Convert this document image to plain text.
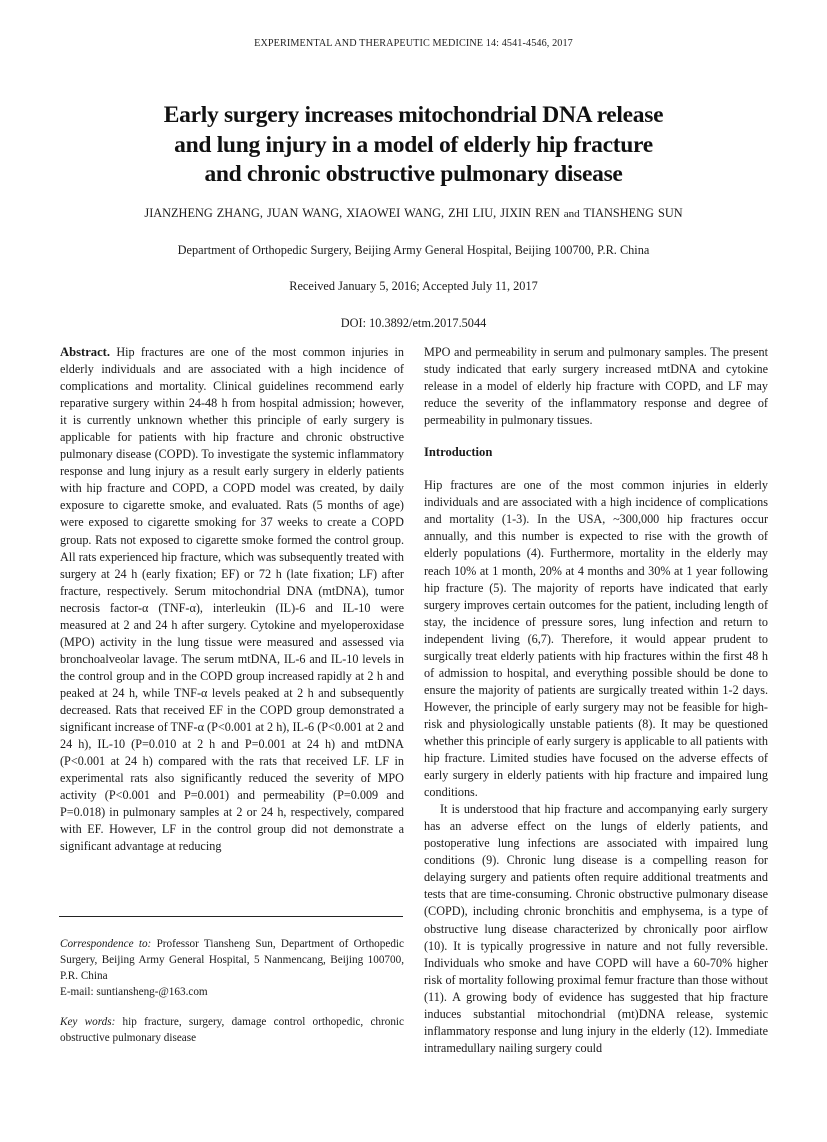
EXPERIMENTAL AND THERAPEUTIC MEDICINE 14: 4541-4546, 2017
Early surgery increases mitochondrial DNA release
and lung injury in a model of elderly hip fracture
and chronic obstructive pulmonary disease
JIANZHENG ZHANG, JUAN WANG, XIAOWEI WANG, ZHI LIU, JIXIN REN and TIANSHENG SUN
Department of Orthopedic Surgery, Beijing Army General Hospital, Beijing 100700, P.R. China
Received January 5, 2016; Accepted July 11, 2017
DOI: 10.3892/etm.2017.5044

Abstract. Hip fractures are one of the most common injuries in elderly individuals and are associated with a high incidence of complications and mortality. Clinical guidelines recommend early reparative surgery within 24-48 h from hospital admission; however, it is currently unknown whether this principle of early surgery is applicable for patients with hip fracture and chronic obstructive pulmonary disease (COPD). To investigate the systemic inflammatory response and lung injury as a result early surgery in elderly patients with hip fracture and COPD, a COPD model was created, by daily exposure to cigarette smoke, and evaluated. Rats (5 months of age) were exposed to cigarette smoking for 37 weeks to create a COPD group. Rats not exposed to cigarette smoke formed the control group. All rats experienced hip fracture, which was subsequently treated with surgery at 24 h (early fixation; EF) or 72 h (late fixation; LF) after fracture, respectively. Serum mitochondrial DNA (mtDNA), tumor necrosis factor-α (TNF-α), interleukin (IL)-6 and IL-10 were measured at 2 and 24 h after surgery. Cytokine and myeloperoxidase (MPO) activity in the lung tissue were measured and assessed via bronchoalveolar lavage. The serum mtDNA, IL-6 and IL-10 levels in the control group and in the COPD group increased rapidly at 2 h and peaked at 24 h, while TNF-α levels peaked at 2 h and subsequently decreased. Rats that received EF in the COPD group demonstrated a significant increase of TNF-α (P<0.001 at 2 h), IL-6 (P<0.001 at 2 and 24 h), IL-10 (P=0.010 at 2 h and P=0.001 at 24 h) and mtDNA (P<0.001 at 24 h) compared with the rats that received LF. LF in experimental rats also significantly reduced the severity of MPO activity (P<0.001 and P=0.001) and permeability (P=0.009 and P=0.018) in pulmonary samples at 2 or 24 h, respectively, compared with EF. However, LF in the control group did not demonstrate a significant advantage at reducing

Correspondence to: Professor Tiansheng Sun, Department of Orthopedic Surgery, Beijing Army General Hospital, 5 Nanmencang, Beijing 100700, P.R. China
E-mail: suntiansheng-@163.com
Key words: hip fracture, surgery, damage control orthopedic, chronic obstructive pulmonary disease

MPO and permeability in serum and pulmonary samples. The present study indicated that early surgery increased mtDNA and cytokine release in a model of elderly hip fracture with COPD, and LF may reduce the severity of the inflammatory response and degree of permeability in pulmonary tissues.

Introduction

Hip fractures are one of the most common injuries in elderly individuals and are associated with a high incidence of complications and mortality (1-3). In the USA, ~300,000 hip fractures occur annually, and this number is expected to rise with the growth of elderly populations (4). Furthermore, mortality in the elderly may reach 10% at 1 month, 20% at 4 months and 30% at 1 year following hip fracture (5). The majority of reports have indicated that early surgery improves certain outcomes for the patient, including length of stay, the incidence of pressure sores, lung infection and return to independent living (6,7). Therefore, it would appear prudent to surgically treat elderly patients with hip fractures within the first 48 h of admission to hospital, and everything possible should be done to ensure the majority of patients are surgically treated within 1-2 days. However, the principle of early surgery may not be feasible for high-risk and physiologically unstable patients (8). It may be questioned whether this principle of early surgery is applicable to all patients with hip fracture. Limited studies have focused on the adverse effects of early surgery in elderly patients with hip fracture and impaired lung conditions.

It is understood that hip fracture and accompanying early surgery has an adverse effect on the lungs of elderly patients, and postoperative lung infections are associated with impaired lung conditions (9). Chronic lung disease is a compelling reason for delaying surgery and patients often require additional treatments and tests that are time-consuming. Chronic obstructive pulmonary disease (COPD), including chronic bronchitis and emphysema, is a type of obstructive lung disease characterized by chronically poor airflow (10). It is typically progressive in nature and not fully reversible. Individuals who smoke and have COPD will have a 60-70% higher risk of mortality following proximal femur fracture than those without (11). A growing body of evidence has suggested that hip fracture induces substantial mitochondrial (mt)DNA release, systemic inflammatory response and lung injury in the elderly (12). Immediate intramedullary nailing surgery could
